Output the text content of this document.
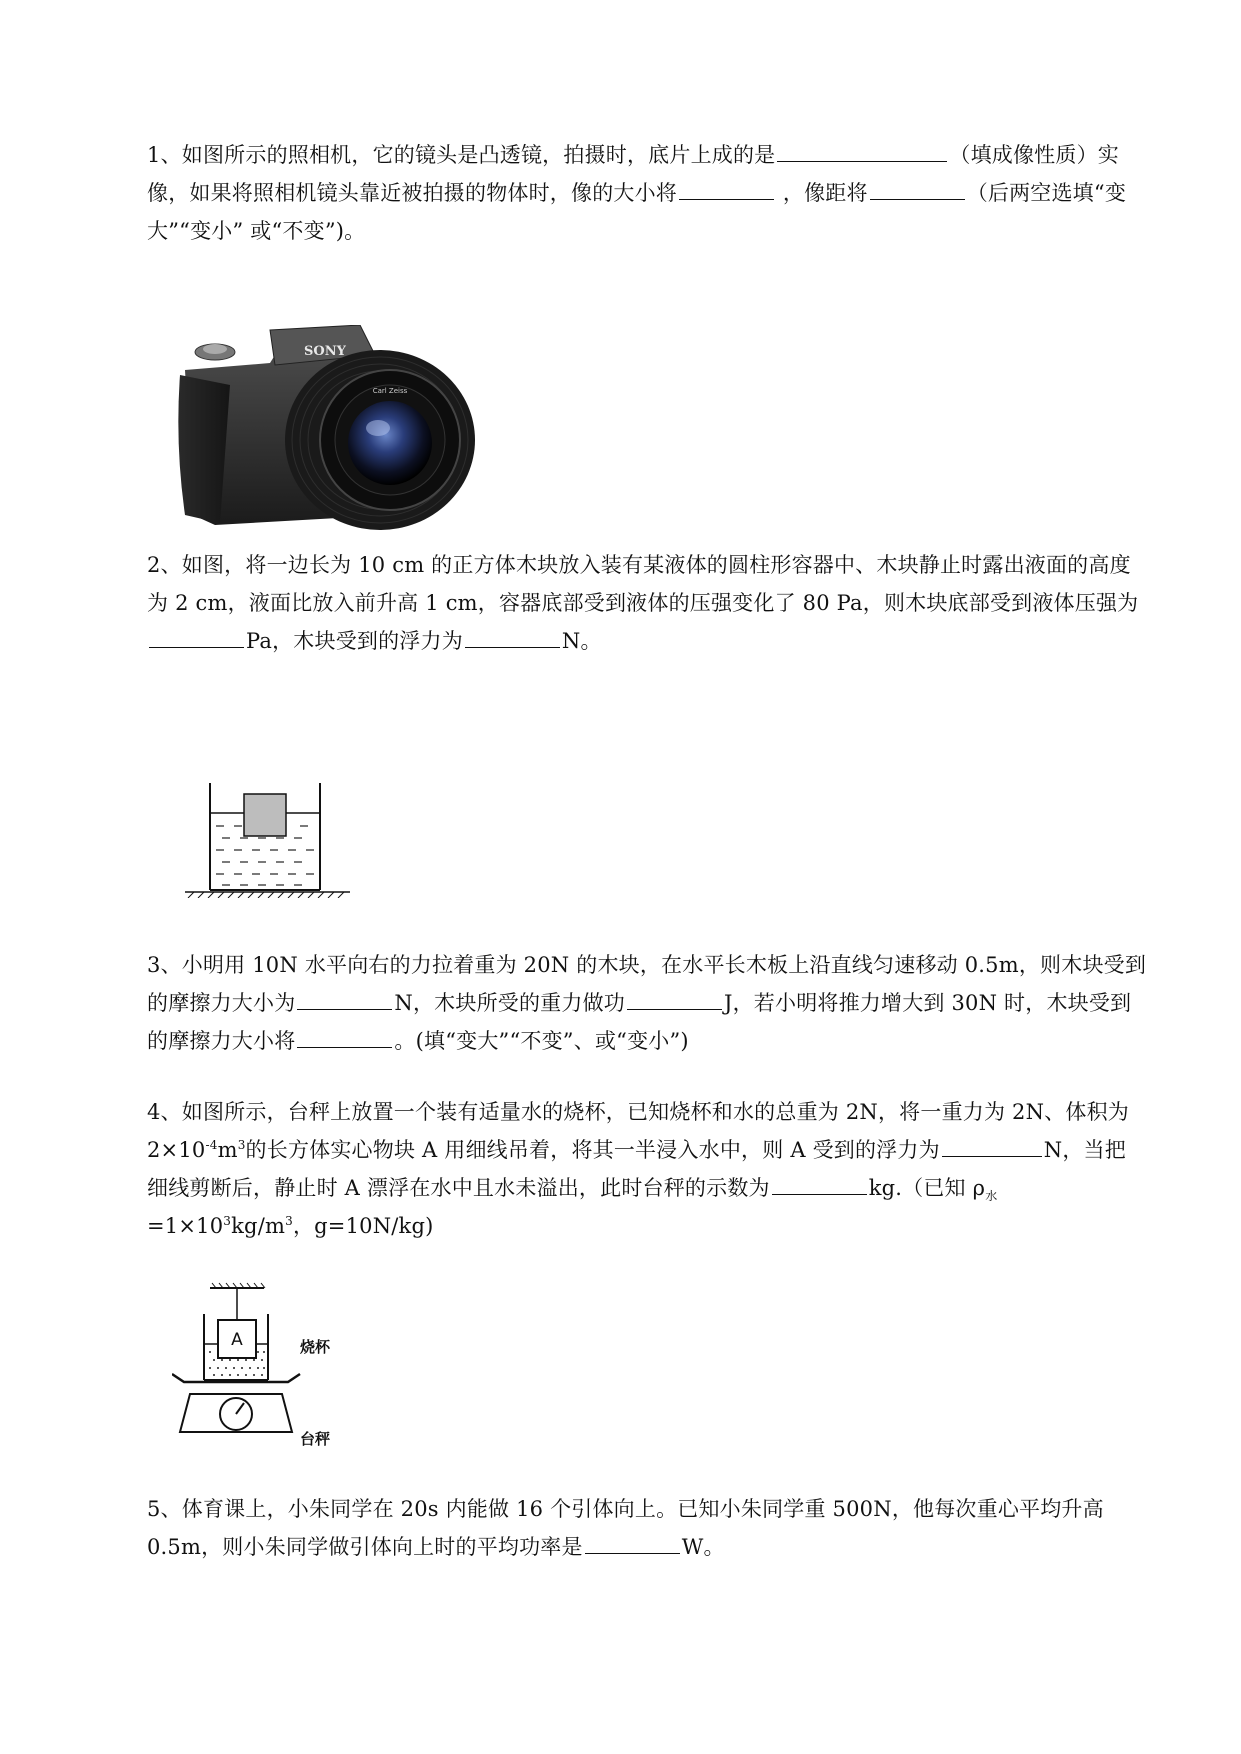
1、如图所示的照相机，它的镜头是凸透镜，拍摄时，底片上成的是	（填成像性质）实像，如果将照相机镜头靠近被拍摄的物体时，像的大小将	，像距将	（后两空选填“变大”“变小” 或“不变”)。
SONY
Carl Zeiss
2、如图，将一边长为 10 cm 的正方体木块放入装有某液体的圆柱形容器中、木块静止时露出液面的高度为 2 cm，液面比放入前升高 1 cm，容器底部受到液体的压强变化了 80 Pa，则木块底部受到液体压强为Pa，木块受到的浮力为	N。
3、小明用 10N 水平向右的力拉着重为 20N 的木块，在水平长木板上沿直线匀速移动 0.5m，则木块受到的摩擦力大小为	N，木块所受的重力做功	J，若小明将推力增大到 30N 时，木块受到的摩擦力大小将	。(填“变大”“不变”、或“变小”)
4、如图所示，台秤上放置一个装有适量水的烧杯，已知烧杯和水的总重为 2N，将一重力为 2N、体积为 $2\times 10^{-4}m^3$的长方体实心物块 A 用细线吊着，将其一半浸入水中，则 A 受到的浮力为	N，当把细线剪断后，静止时 A 漂浮在水中且水未溢出，此时台秤的示数为	kg.（已知 $\rho_水=1\times 10^3kg/m^3$，g=10N/kg)
A	烧杯
台秤
5、体育课上，小朱同学在 20s 内能做 16 个引体向上。已知小朱同学重 500N，他每次重心平均升高 0.5m，则小朱同学做引体向上时的平均功率是	W。
